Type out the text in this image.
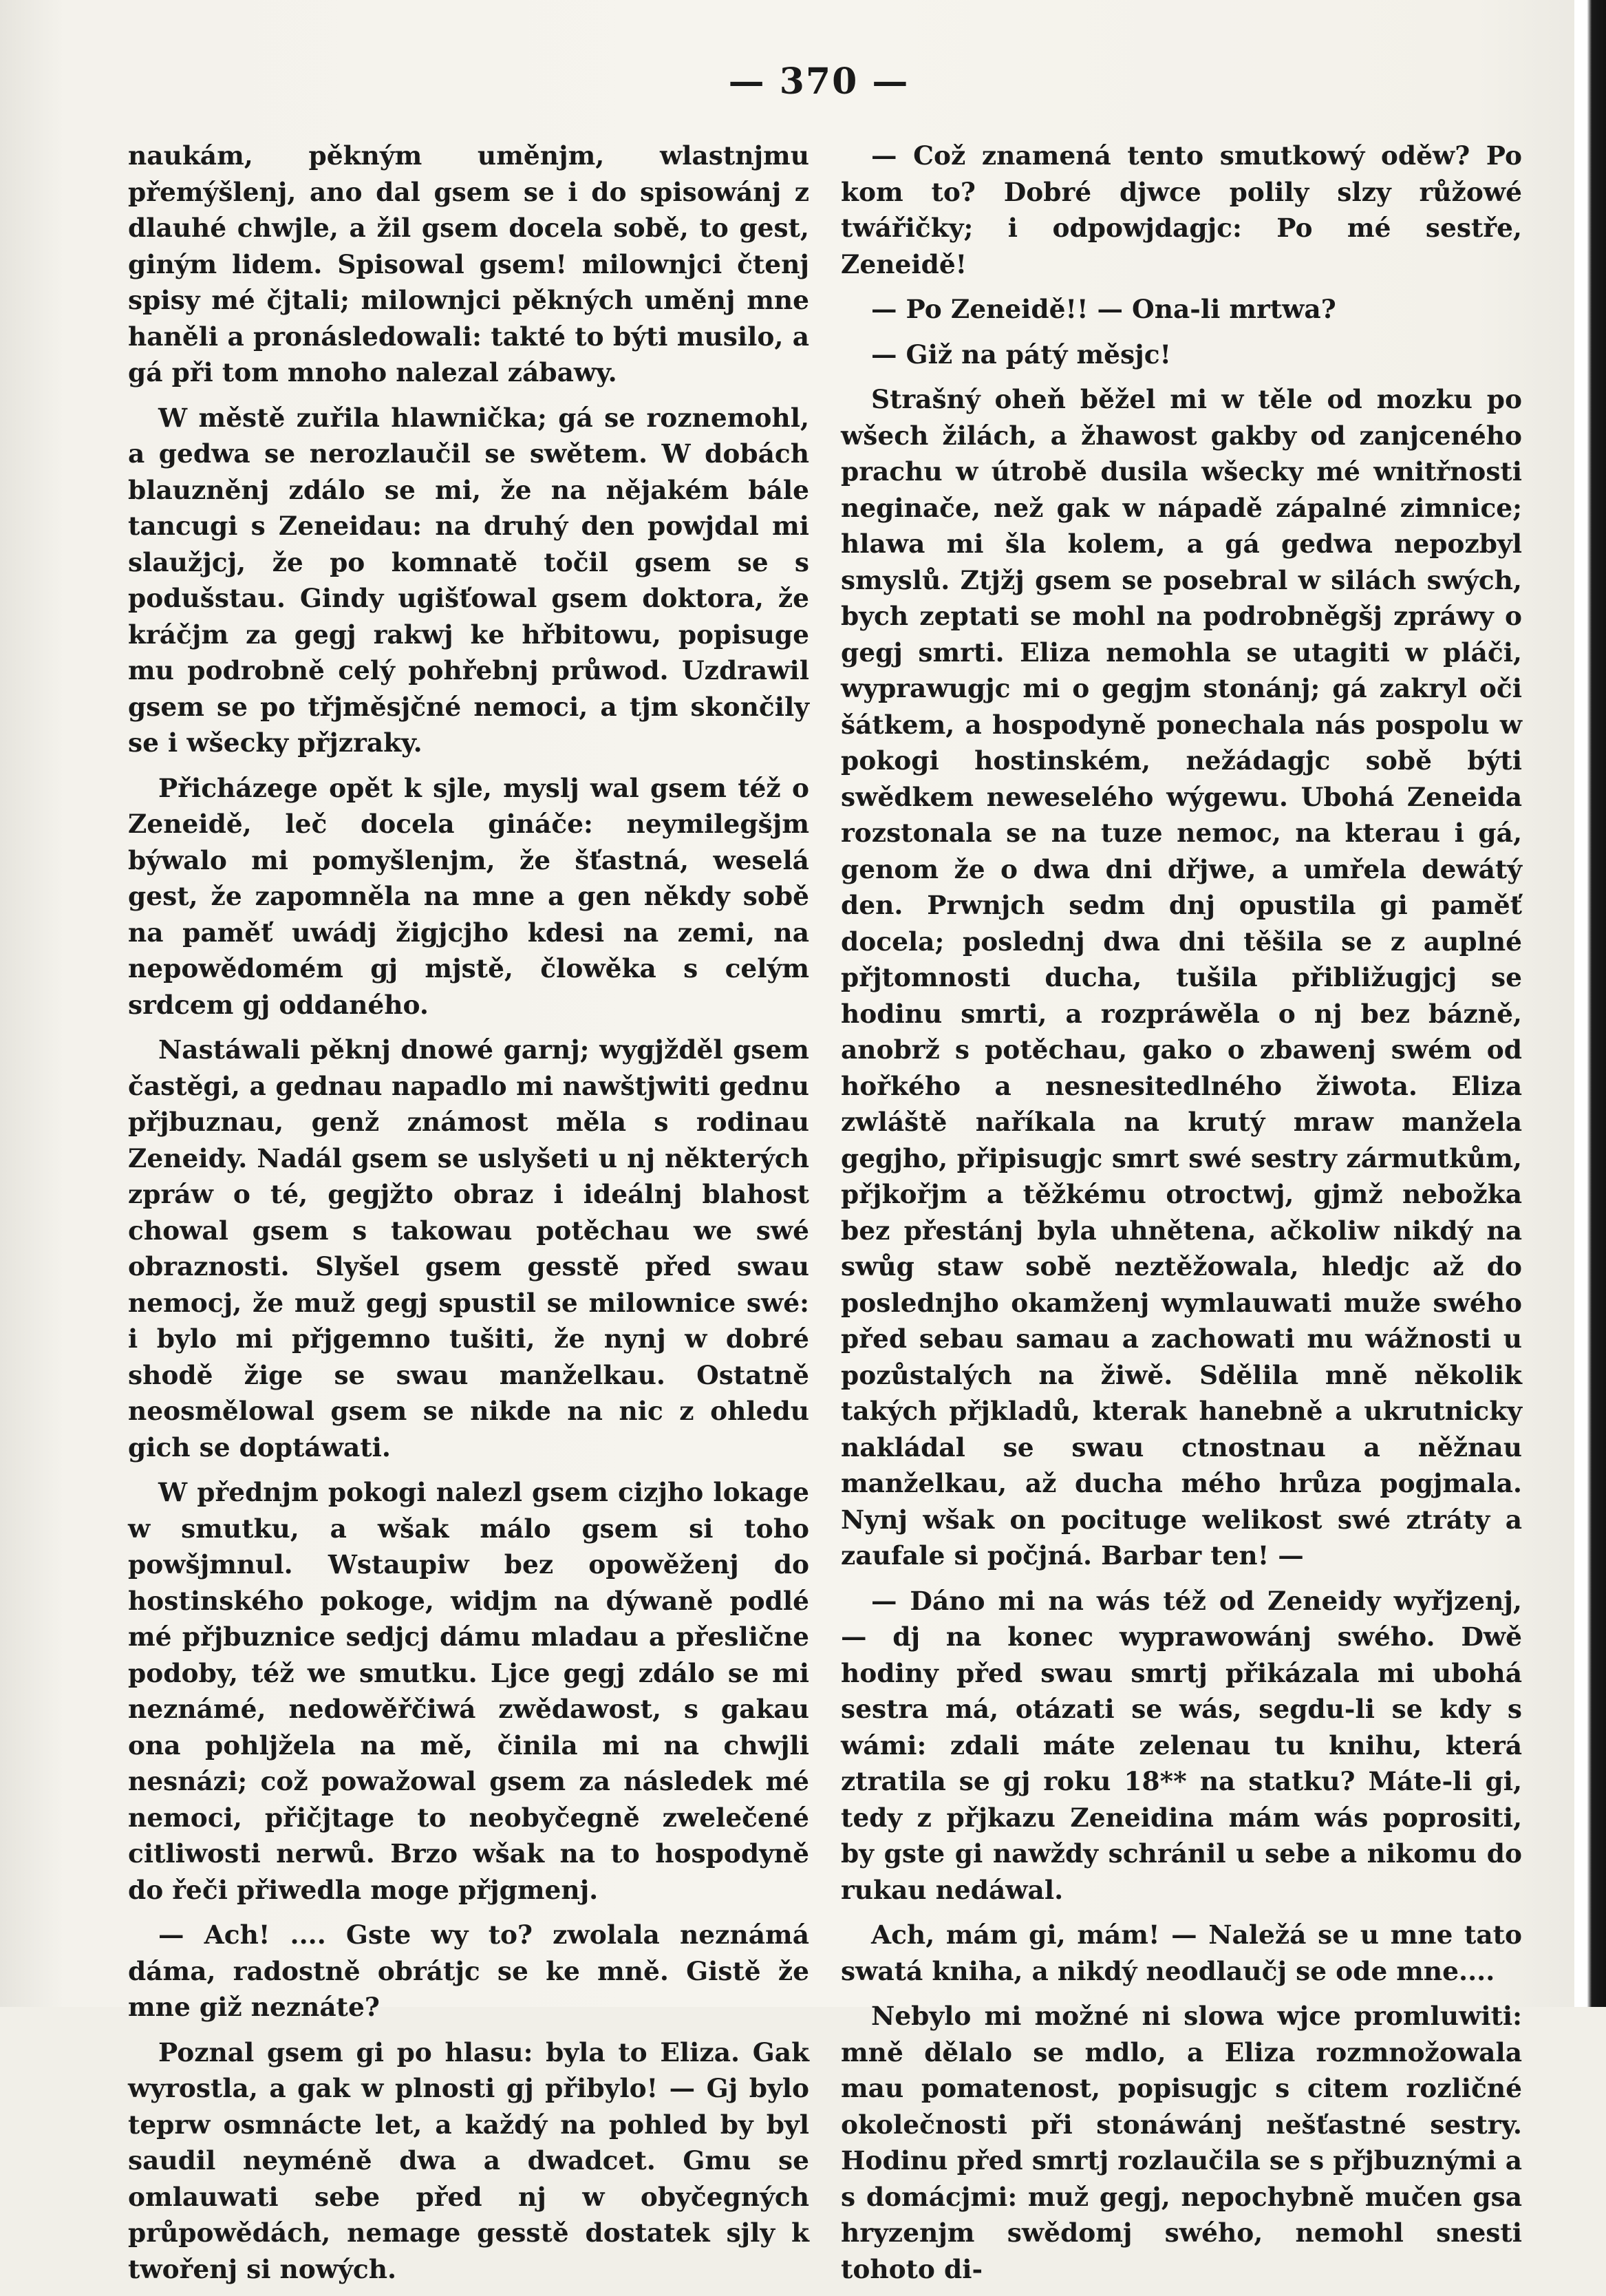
— 370 —

naukám, pěkným uměnjm, wlastnjmu přemýšlenj, ano dal gsem se i do spisowánj z dlauhé chwjle, a žil gsem docela sobě, to gest, giným lidem. Spisowal gsem! milownjci čtenj spisy mé čjtali; milownjci pěkných uměnj mne haněli a pronásledowali: takté to býti musilo, a gá při tom mnoho nalezal zábawy.

W městě zuřila hlawnička; gá se roznemohl, a gedwa se nerozlaučil se swětem. W dobách blauzněnj zdálo se mi, že na nějakém bále tancugi s Zeneidau: na druhý den powjdal mi slaužjcj, že po komnatě točil gsem se s podušstau. Gindy ugišťowal gsem doktora, že kráčjm za gegj rakwj ke hřbitowu, popisuge mu podrobně celý pohřebnj průwod. Uzdrawil gsem se po třjměsjčné nemoci, a tjm skončily se i wšecky přjzraky.

Přicházege opět k sjle, myslj wal gsem též o Zeneidě, leč docela gináče: neymilegšjm býwalo mi pomyšlenjm, že šťastná, weselá gest, že zapomněla na mne a gen někdy sobě na paměť uwádj žigjcjho kdesi na zemi, na nepowědomém gj mjstě, člowěka s celým srdcem gj oddaného.

Nastáwali pěknj dnowé garnj; wygjžděl gsem častěgi, a gednau napadlo mi nawštjwiti gednu přjbuznau, genž známost měla s rodinau Zeneidy. Nadál gsem se uslyšeti u nj některých zpráw o té, gegjžto obraz i ideálnj blahost chowal gsem s takowau potěchau we swé obraznosti. Slyšel gsem gesstě před swau nemocj, že muž gegj spustil se milownice swé: i bylo mi přjgemno tušiti, že nynj w dobré shodě žige se swau manželkau. Ostatně neosmělowal gsem se nikde na nic z ohledu gich se doptáwati.

W přednjm pokogi nalezl gsem cizjho lokage w smutku, a wšak málo gsem si toho powšjmnul. Wstaupiw bez opowěženj do hostinského pokoge, widjm na dýwaně podlé mé přjbuznice sedjcj dámu mladau a přeslične podoby, též we smutku. Ljce gegj zdálo se mi neznámé, nedowěřčiwá zwědawost, s gakau ona pohljžela na mě, činila mi na chwjli nesnázi; což powažowal gsem za následek mé nemoci, přičjtage to neobyčegně zwelečené citliwosti nerwů. Brzo wšak na to hospodyně do řeči přiwedla moge přjgmenj.

— Ach! .... Gste wy to? zwolala neznámá dáma, radostně obrátjc se ke mně. Gistě že mne giž neznáte?

Poznal gsem gi po hlasu: byla to Eliza. Gak wyrostla, a gak w plnosti gj přibylo! — Gj bylo teprw osmnácte let, a každý na pohled by byl saudil neyméně dwa a dwadcet. Gmu se omlauwati sebe před nj w obyčegných průpowědách, nemage gesstě dostatek sjly k twořenj si nowých.

— Což znamená tento smutkowý oděw? Po kom to? Dobré djwce polily slzy růžowé twářičky; i odpowjdagjc: Po mé sestře, Zeneidě!

— Po Zeneidě!! — Ona-li mrtwa?

— Giž na pátý měsjc!

Strašný oheň běžel mi w těle od mozku po wšech žilách, a žhawost gakby od zanjceného prachu w útrobě dusila wšecky mé wnitřnosti neginače, než gak w nápadě zápalné zimnice; hlawa mi šla kolem, a gá gedwa nepozbyl smyslů. Ztjžj gsem se posebral w silách swých, bych zeptati se mohl na podrobněgšj zpráwy o gegj smrti. Eliza nemohla se utagiti w pláči, wyprawugjc mi o gegjm stonánj; gá zakryl oči šátkem, a hospodyně ponechala nás pospolu w pokogi hostinském, nežádagjc sobě býti swědkem neweselého wýgewu. Ubohá Zeneida rozstonala se na tuze nemoc, na kterau i gá, genom že o dwa dni dřjwe, a umřela dewátý den. Prwnjch sedm dnj opustila gi paměť docela; poslednj dwa dni těšila se z auplné přjtomnosti ducha, tušila přibližugjcj se hodinu smrti, a rozpráwěla o nj bez bázně, anobrž s potěchau, gako o zbawenj swém od hořkého a nesnesitedlného žiwota. Eliza zwláště naříkala na krutý mraw manžela gegjho, připisugjc smrt swé sestry zármutkům, přjkořjm a těžkému otroctwj, gjmž nebožka bez přestánj byla uhnětena, ačkoliw nikdý na swůg staw sobě neztěžowala, hledjc až do poslednjho okamženj wymlauwati muže swého před sebau samau a zachowati mu wážnosti u pozůstalých na žiwě. Sdělila mně několik takých přjkladů, kterak hanebně a ukrutnicky nakládal se swau ctnostnau a něžnau manželkau, až ducha mého hrůza pogjmala. Nynj wšak on pocituge welikost swé ztráty a zaufale si počjná. Barbar ten! —

— Dáno mi na wás též od Zeneidy wyřjzenj, — dj na konec wyprawowánj swého. Dwě hodiny před swau smrtj přikázala mi ubohá sestra má, otázati se wás, segdu-li se kdy s wámi: zdali máte zelenau tu knihu, která ztratila se gj roku 18** na statku? Máte-li gi, tedy z přjkazu Zeneidina mám wás poprositi, by gste gi nawždy schránil u sebe a nikomu do rukau nedáwal.

Ach, mám gi, mám! — Naležá se u mne tato swatá kniha, a nikdý neodlaučj se ode mne....

Nebylo mi možné ni slowa wjce promluwiti: mně dělalo se mdlo, a Eliza rozmnožowala mau pomatenost, popisugjc s citem rozličné okolečnosti při stonáwánj nešťastné sestry. Hodinu před smrtj rozlaučila se s přjbuznými a s domácjmi: muž gegj, nepochybně mučen gsa hryzenjm swědomj swého, nemohl snesti tohoto di-
